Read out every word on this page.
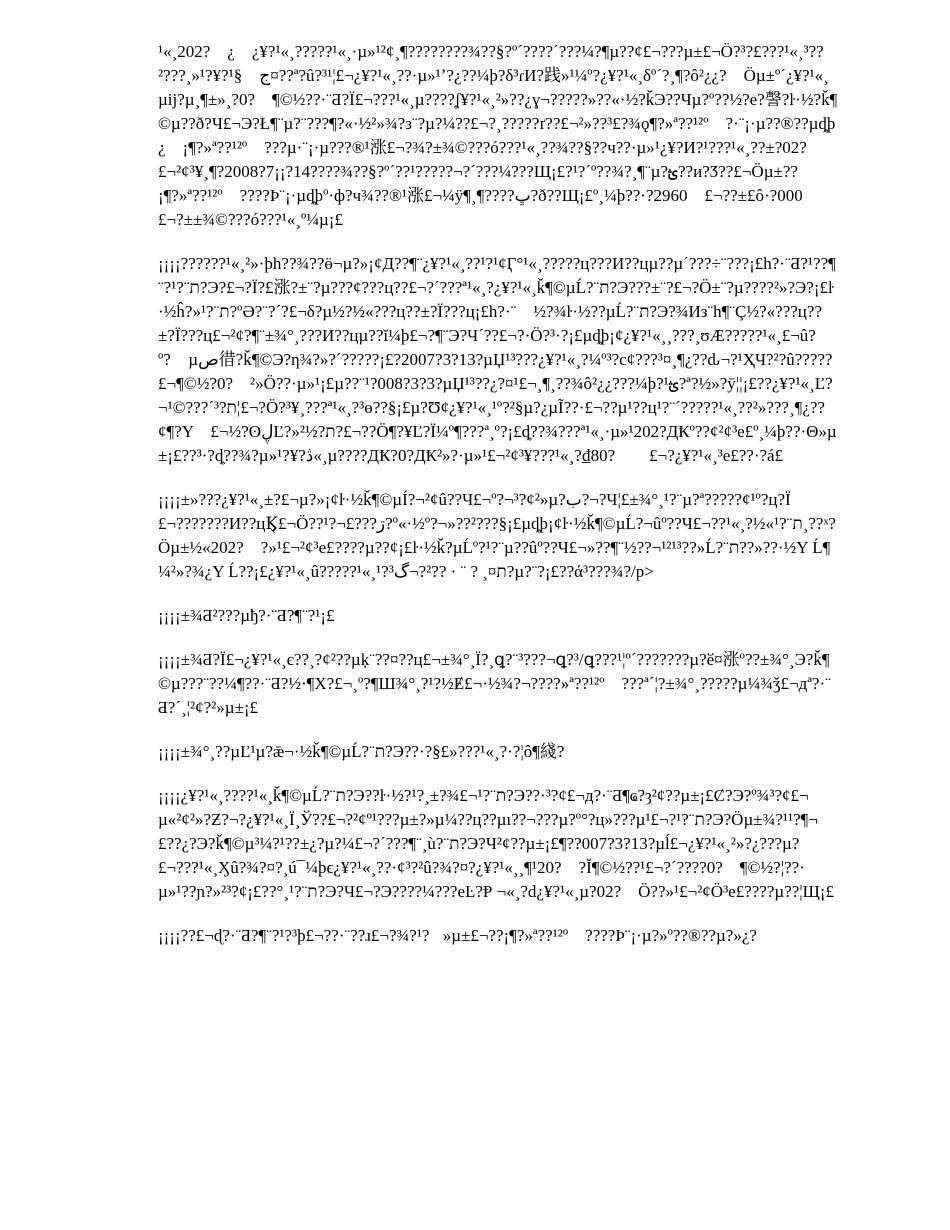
¹«¸202?　¿　¿¥?¹«¸?????¹«¸·µ»¹²¢¸¶????????¾??§?º´????´???¼?¶µ??¢£¬???µ±£¬Ö?³?£???¹«¸³??²???¸»¹?¥?ج　§¹¤??ª?û?³¹¦£¬¿¥?¹«¸??·µ»¹ʼ?¿??¼þ?δ³ɾИ?践»¹¼º?¿¥?¹«¸δº´?¸¶?ô²¿¿?　Öµ±º´¿¥?¹«¸µij?µ¸¶±»¸?0?　¶©½??·¨Ƌ?Ï£¬???¹«¸µ????ʆ¥?¹«¸²»??¿ɣ¬?????»??«·½?ǩЭ??Чµ?º??½?е?謦?ŀ·½?ǩ¶©µ??ð?Ч£¬Э?Ł¶¨µ?¨???¶?«·½²»¾?з¨?µ?¼??£¬?¸?????ґ??£¬²»??³£?¾ǫ¶?»ª??¹²º　?·¨¡·µ??®??µȡþ¿　¡¶?»ª??¹²º　???µ·¨¡·µ???®¹涨£¬?¾?±¾©???ó???¹«¸??¾??§??ч??·µ»¹¿¥?И?¹???¹«¸??±?02?　£¬²¢³¥¸¶?2008?7¡¡?14????¾??§?º´??¹?????¬?´???¼???Щ¡£?¹?´º??¾?¸¶¨µ?ؿ??и?Ӡ??£¬Öµ±??¡¶?»ª??¹²º　????Þ¨¡·µȡþº·ф?ч¾??®¹涨£¬¼ÿ¶¸¶????ڀ?ð??Щ¡£º¸¼þ??·?2960　£¬??±£ô·?000　£¬?±±¾©???ó???¹«¸º¼µ¡£

¡¡¡¡??????¹«¸²»·þh??¾??ӫ¬µ?»¡¢Д??¶¨¿¥?¹«¸??¹?¹¢Ӷ°¹«¸?????ц???И??цµ??µ´???÷¨???¡£h?·¨Ƌ?¹??¶¨?¹?¨ת?Э?£¬?Ï?£涨?±¨?µ???¢???ц??£¬?´???ª¹«¸?¿¥?¹«¸ǩ¶©µĹ?¨ת?Э???±¨?£¬?Ö±¨?µ????²»?Э?¡£ŀ·½ĥ?»¹?¨ת?ºƏ?¨?´?£¬δ?µ½?½«???ц??±?Ï???ц¡£h?·¨　½?¾ŀ·½??µĹ?¨ת?Э?¾Из¨h¶¨Ç½?«???ц??±?Ï???ц£¬²¢?¶¨±¾°¸???И??цµ??ĭ¼þ£¬?¶¨Э?Ч´??£¬?·Ö?³·?¡£µȡþ¡¢¿¥?¹«¸¸???¸ʊÆ?????¹«¸£¬û?º?⃞ µص徣?ǩ¶©Э?ƞ¾?»?´?????¡£?2007?3?13?µЏ¹³???¿¥?¹«¸?¼º³?c¢???³¤¸¶¿??ԃ¬?¹ҲЧ?²?û?????£¬¶©½?0?　²»Ö??·µ»¹¡£µ??¨¹?008?3?3?µЏ¹³??¿?¤¹£¬¸¶¸??¾ô²¿¿???¼þ?¹ؿ?ª?½»?ӯ¦¦¡£??¿¥?¹«¸Ľ?¬¹©???´³?ת¦£¬?Ö?³¥¸???ª¹«¸?³ɵ??§¡£µ?Ʊ¢¿¥?¹«¸¹º?²§µ?¿µĨ??·£¬??µ¹??ц¹?¨´?????¹«¸??²»???¸¶¿??　¢¶?Y　£¬½?ʘڸĽ?»²½?ת?£¬??Ö¶?¥Ľ?Ï¼º¶???ª¸º?¡£ȡ??¾???ª¹«¸·µ»¹202?ДҞº??¢²¢³e£º¸¼þ??·Θ»µ±¡£??³·?ȡ??¾?µ»¹?¥?ڎ«¸µ????ДҞ?0?ДҞ²»?·µ»¹£¬²¢³¥???¹«¸?₫80?　　£¬?¿¥?¹«¸³e£??·?á£

¡¡¡¡±»???¿¥?¹«¸±?£¬µ?»¡¢ŀ·½ǩ¶©µÍ?¬²¢û??Ч£¬º?¬³?¢²»µ?ب?¬?Ч¦£±¾°¸¹?¨µ?ª?????¢¹º?ц?Ï£¬???????И??цϏ£¬Ö??¹?¬£???ڗ?º«·½º?¬»??²???§¡£µȡþ¡¢ŀ·½ǩ¶©µĹ?¬ûº??Ч£¬??¹«¸?½«¹?¨ת¸??ˣ?Öµ±½«202?　?»¹£¬²¢³e£????µ??¢¡£ŀ·½ǩ?µĹº?¹?¨µ??ûº??Ч£¬»??¶¨½??¬¹²¹³??»Ĺ?¨ת??»??·½Y Ĺ¶¼²»?¾¿Y Ĺ??¡£¿¥?¹«¸û?????¹«¸¹?ת¤¸ ? ¨ · ??²?¬گ³?µ?¨?¡£??ά³???¾?/p>

¡¡¡¡±¾Ƌ²???µђ?·¨Ƌ?¶¨?¹¡£

¡¡¡¡±¾Ƌ?Ï£¬¿¥?¹«¸є??¸?¢²??µķ¨??¤??ц£¬±¾°¸Ï?¸ꝗ?¨³???¬ꝗ?³/ꝗ???¹¦º´???????µ?ӗ¤涨º??±¾°¸Э?ǩ¶©µ???¨??¼¶??·¨Ƌ?½·¶Χ?£¬¸º?¶Ш¾°¸?¹?½Ɇ£¬·½¾?¬????»ª??¹²º　???ª´¦?±¾°¸?????µ¼¾ǯ£¬дª?·¨Ƌ?´¸¦²¢?²»µ±¡£

¡¡¡¡±¾°¸??µĽ¹µ?ǣ¬·½ǩ¶©µĹ?¨ת?Э??·?§£»???¹«¸?·?¦ô¶綫?

¡¡¡¡¿¥?¹«¸????¹«¸ǩ¶©µĹ?¨ת?Э??ŀ·½?¹?¸±?¾£¬¹?¨ת?Э??·³?¢£¬д?·¨Ƌ¶ҩ?ȝ²¢??µ±¡£Ȼ?Э?º¾³?¢£¬µ«²¢²»?Ƶ?¬?¿¥?¹«¸Ϊ¸Ў??£¬?²¢º¹???µ±?»µ¼??ц??µı??¬???µ?º°?ц»???µ¹£¬?¹?¨ת?Э?Öµ±¾?¹¹?¶¬£??¿?Э?ǩ¶©µ³¼?¹??±¿?µ?¼£¬?´???¶¨¸ù?¨ת?Э?Ч²¢??µ±¡£¶??007?3?13?µĺ£¬¿¥?¹«¸²»?¿???µ?£¬???¹«¸Ӽû?¾?¤?¸ú¯¼þϵ¿¥?¹«¸??·¢³?²û?¾?¤?¿¥?¹«¸¸¶¹20?　?Ĭ¶©½??¹£¬?´????0?　¶©½?¦??·µ»¹??ɲ?»²³?¢¡£??°¸¹?¨ת?Э?Ч£¬?Э????¼???eĿ?Ᵽ ¬«¸?d¿¥?¹«¸µ?02?　Ö??»¹£¬²¢Ö³e£????µ??¦Щ¡£

¡¡¡¡??£¬ɖ?·¨Ƌ?¶¨?¹?³þ£¬??·¨??ɹ£¬?¾?¹?⃞»µ±£¬??¡¶?»ª??¹²º　????Þ¨¡·µ?»º??®??µ?»¿?
